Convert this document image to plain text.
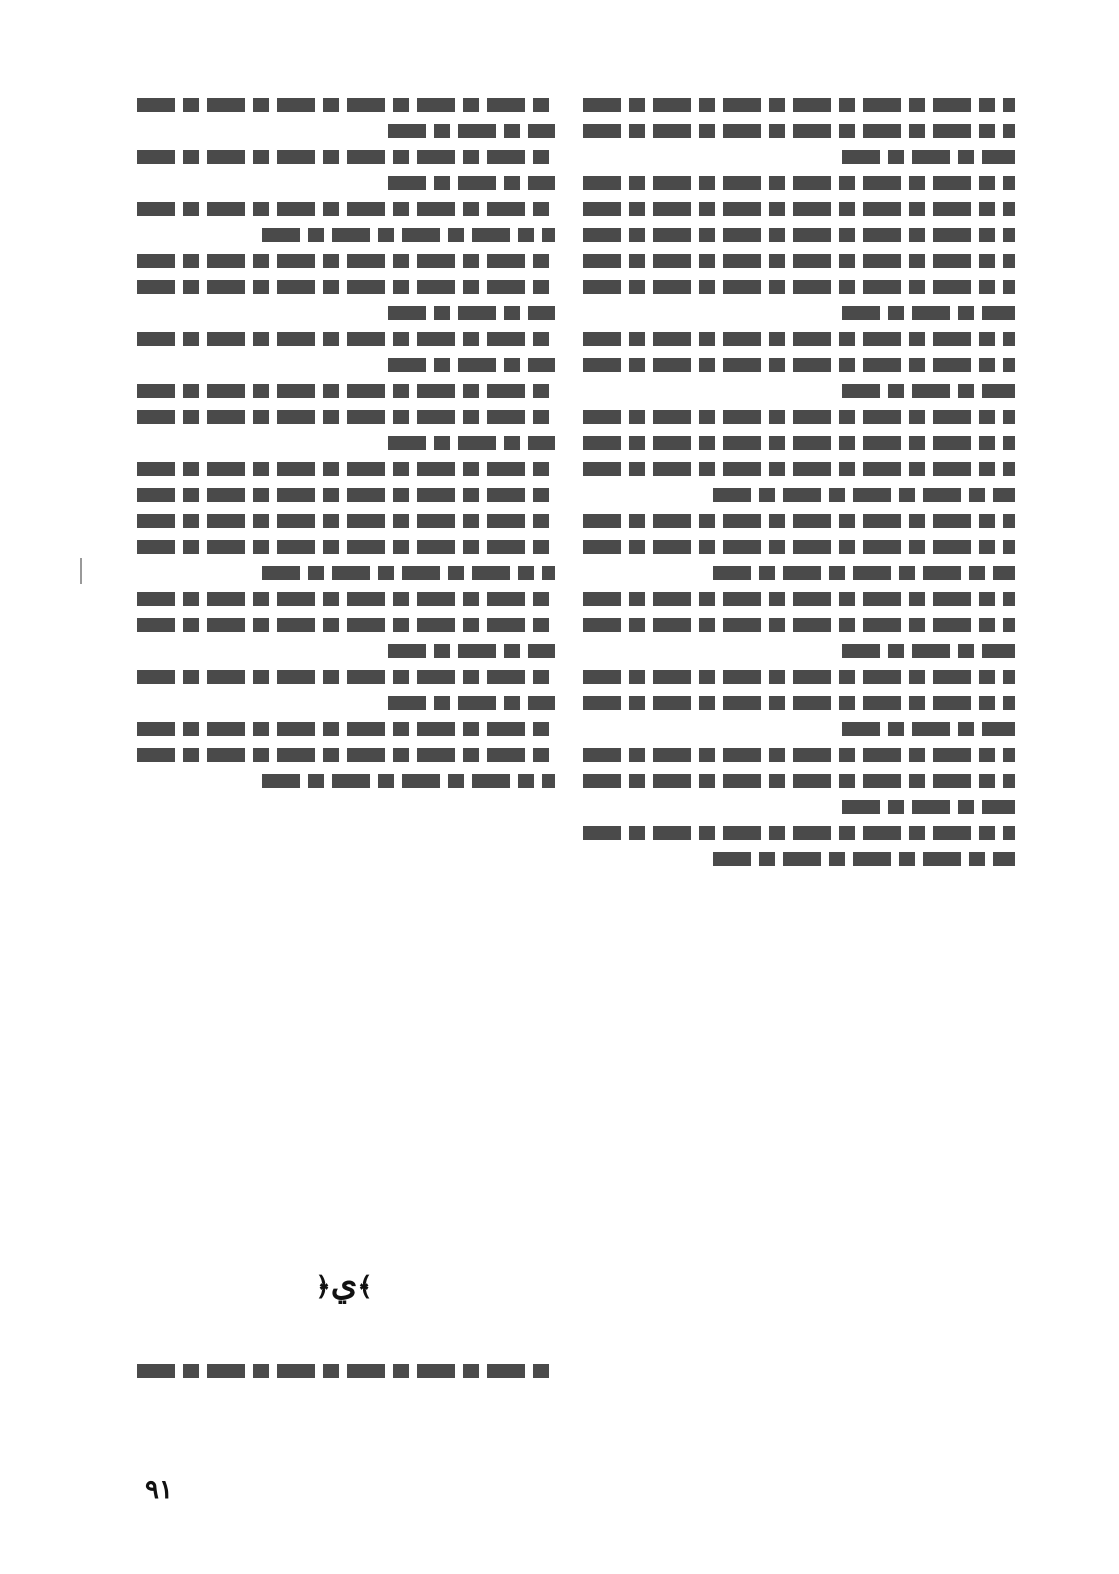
﴾ي﴿
٩١
